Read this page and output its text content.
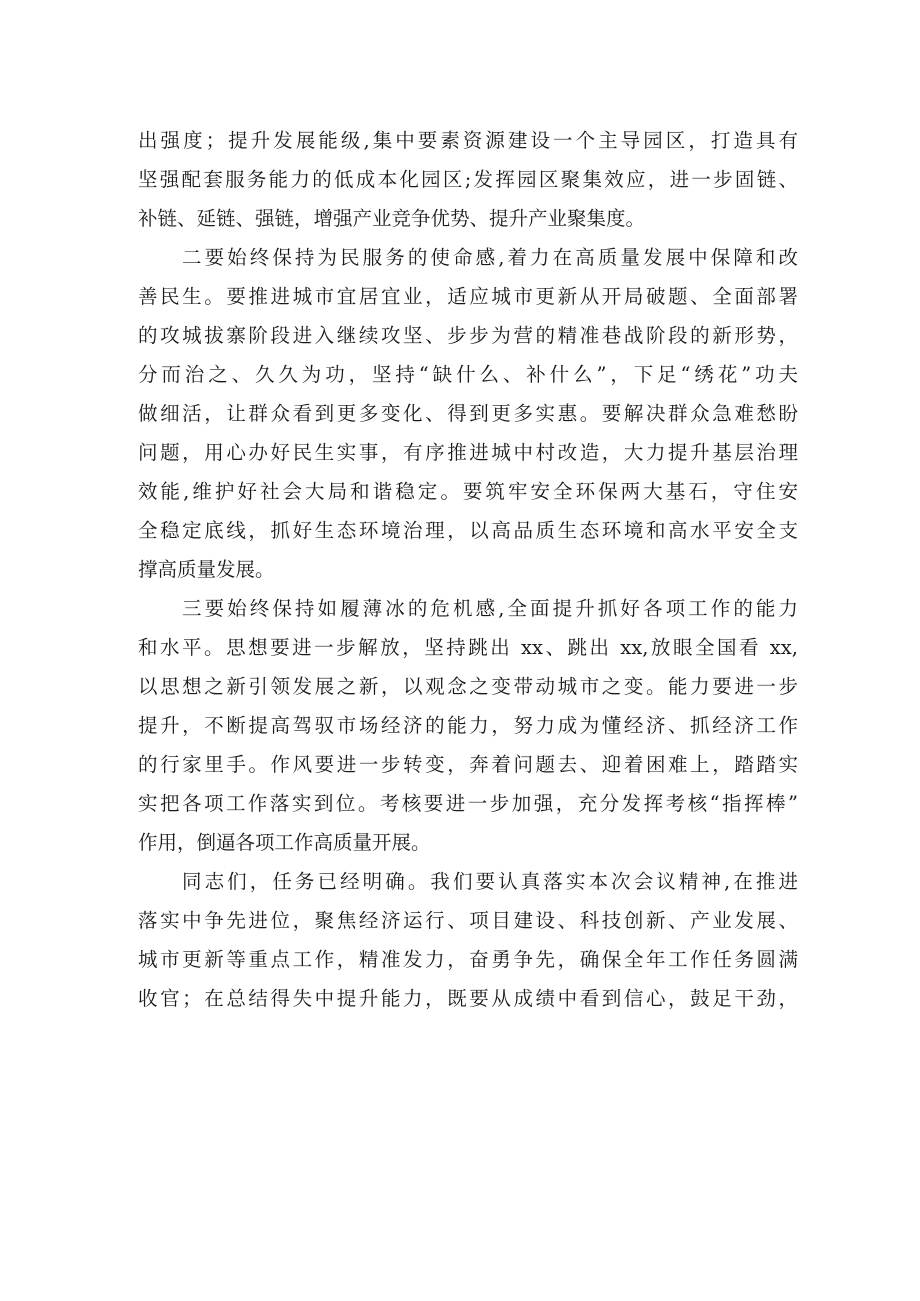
出强度；提升发展能级,集中要素资源建设一个主导园区，打造具有
坚强配套服务能力的低成本化园区;发挥园区聚集效应，进一步固链、
补链、延链、强链，增强产业竞争优势、提升产业聚集度。
二要始终保持为民服务的使命感,着力在高质量发展中保障和改
善民生。要推进城市宜居宜业，适应城市更新从开局破题、全面部署
的攻城拔寨阶段进入继续攻坚、步步为营的精准巷战阶段的新形势，
分而治之、久久为功，坚持“缺什么、补什么”，下足“绣花”功夫
做细活，让群众看到更多变化、得到更多实惠。要解决群众急难愁盼
问题，用心办好民生实事，有序推进城中村改造，大力提升基层治理
效能,维护好社会大局和谐稳定。要筑牢安全环保两大基石，守住安
全稳定底线，抓好生态环境治理，以高品质生态环境和高水平安全支
撑高质量发展。
三要始终保持如履薄冰的危机感,全面提升抓好各项工作的能力
和水平。思想要进一步解放，坚持跳出 xx、跳出 xx,放眼全国看 xx,
以思想之新引领发展之新，以观念之变带动城市之变。能力要进一步
提升，不断提高驾驭市场经济的能力，努力成为懂经济、抓经济工作
的行家里手。作风要进一步转变，奔着问题去、迎着困难上，踏踏实
实把各项工作落实到位。考核要进一步加强，充分发挥考核“指挥棒”
作用，倒逼各项工作高质量开展。
同志们，任务已经明确。我们要认真落实本次会议精神,在推进
落实中争先进位，聚焦经济运行、项目建设、科技创新、产业发展、
城市更新等重点工作，精准发力，奋勇争先，确保全年工作任务圆满
收官；在总结得失中提升能力，既要从成绩中看到信心，鼓足干劲，
